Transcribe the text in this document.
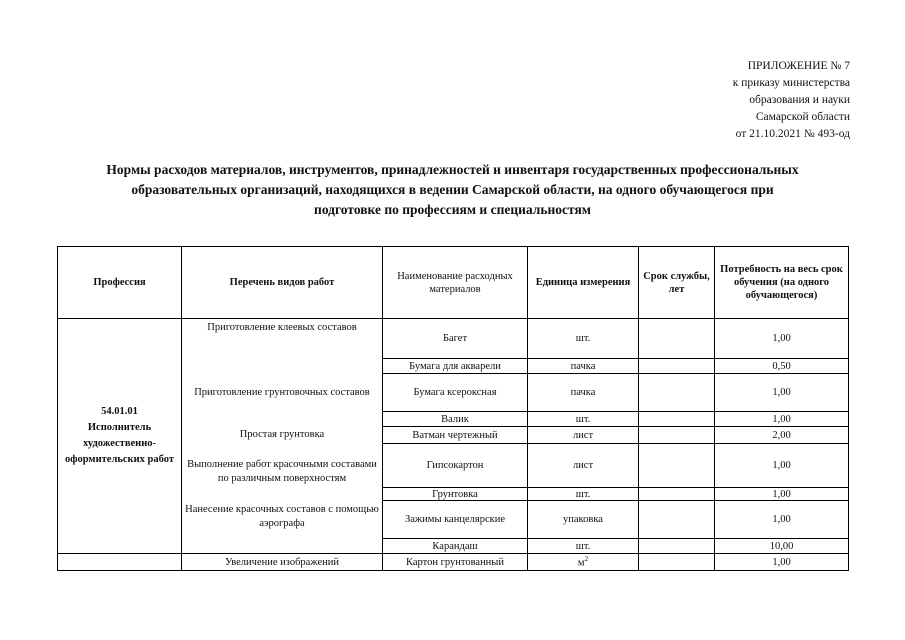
ПРИЛОЖЕНИЕ № 7
к приказу министерства
образования и науки
Самарской области
от 21.10.2021 № 493-од
Нормы расходов материалов, инструментов, принадлежностей и инвентаря государственных профессиональных
образовательных организаций, находящихся в ведении Самарской области, на одного обучающегося при
подготовке по профессиям и специальностям
Профессия	Перечень видов работ	Наименование расходных материалов	Единица измерения	Срок службы, лет	Потребность на весь срок обучения (на одного обучающегося)

54.01.01
Исполнитель художественно-оформительских работ	Приготовление клеевых составов	Багет	шт.		1,00
	Приготовление грунтовочных составов	Бумага для акварели	пачка		0,50
		Бумага ксероксная	пачка		1,00
		Валик	шт.		1,00
	Простая грунтовка	Ватман чертежный	лист		2,00
	Выполнение работ красочными составами по различным поверхностям	Гипсокартон	лист		1,00
		Грунтовка	шт.		1,00
	Нанесение красочных составов с помощью аэрографа	Зажимы канцелярские	упаковка		1,00
		Карандаш	шт.		10,00
	Увеличение изображений	Картон грунтованный	$м^2$		1,00
